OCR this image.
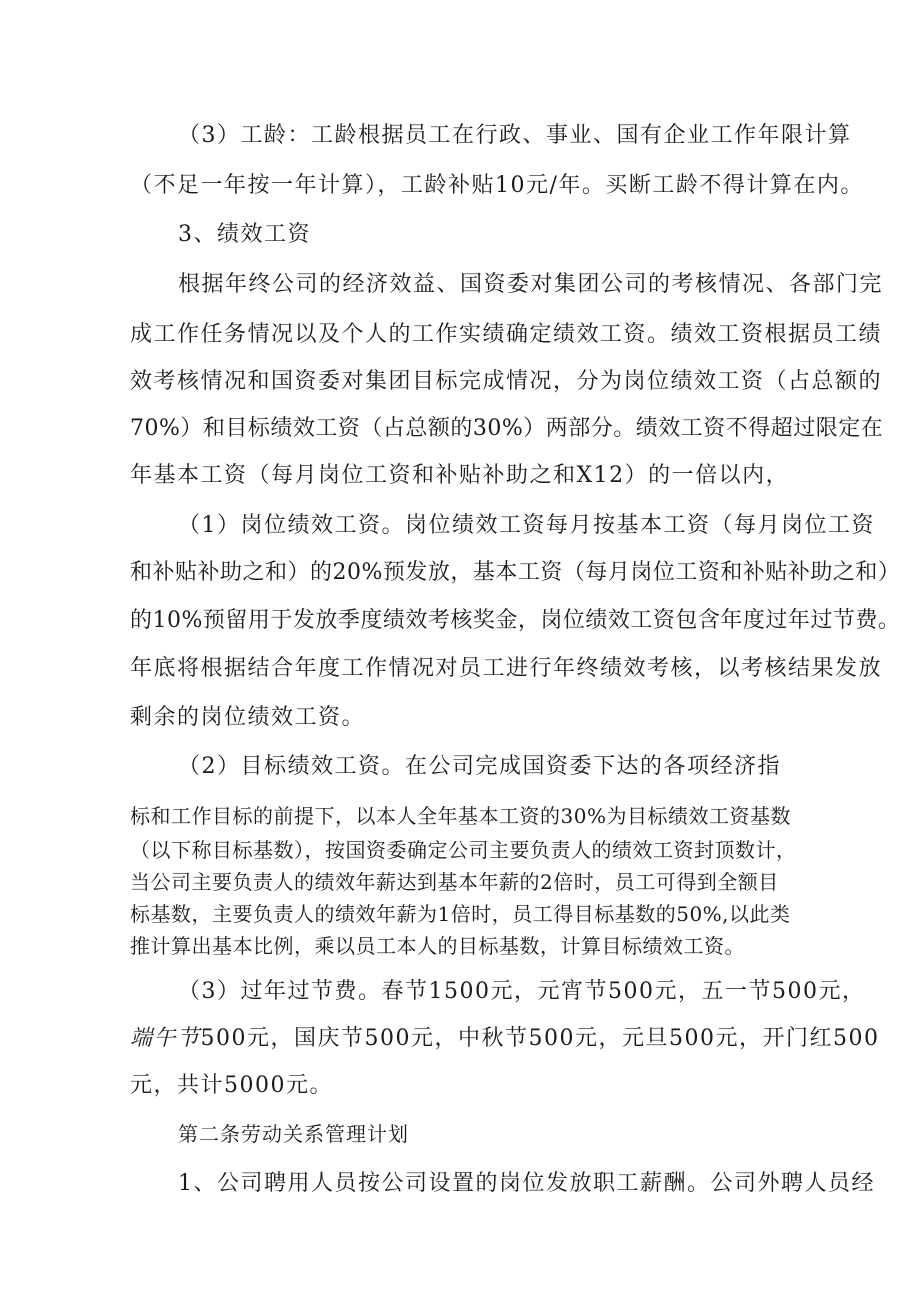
（3）工龄：工龄根据员工在行政、事业、国有企业工作年限计算
（不足一年按一年计算），工龄补贴10元/年。买断工龄不得计算在内。
3、绩效工资
根据年终公司的经济效益、国资委对集团公司的考核情况、各部门完
成工作任务情况以及个人的工作实绩确定绩效工资。绩效工资根据员工绩
效考核情况和国资委对集团目标完成情况，分为岗位绩效工资（占总额的
70%）和目标绩效工资（占总额的30%）两部分。绩效工资不得超过限定在
年基本工资（每月岗位工资和补贴补助之和X12）的一倍以内，
（1）岗位绩效工资。岗位绩效工资每月按基本工资（每月岗位工资
和补贴补助之和）的20%预发放，基本工资（每月岗位工资和补贴补助之和）
的10%预留用于发放季度绩效考核奖金，岗位绩效工资包含年度过年过节费。
年底将根据结合年度工作情况对员工进行年终绩效考核，以考核结果发放
剩余的岗位绩效工资。
（2）目标绩效工资。在公司完成国资委下达的各项经济指
标和工作目标的前提下，以本人全年基本工资的30%为目标绩效工资基数
（以下称目标基数），按国资委确定公司主要负责人的绩效工资封顶数计，
当公司主要负责人的绩效年薪达到基本年薪的2倍时，员工可得到全额目
标基数，主要负责人的绩效年薪为1倍时，员工得目标基数的50%,以此类
推计算出基本比例，乘以员工本人的目标基数，计算目标绩效工资。
（3）过年过节费。春节1500元，元宵节500元，五一节500元，
端午节500元，国庆节500元，中秋节500元，元旦500元，开门红500
元，共计5000元。
第二条劳动关系管理计划
1、公司聘用人员按公司设置的岗位发放职工薪酬。公司外聘人员经
